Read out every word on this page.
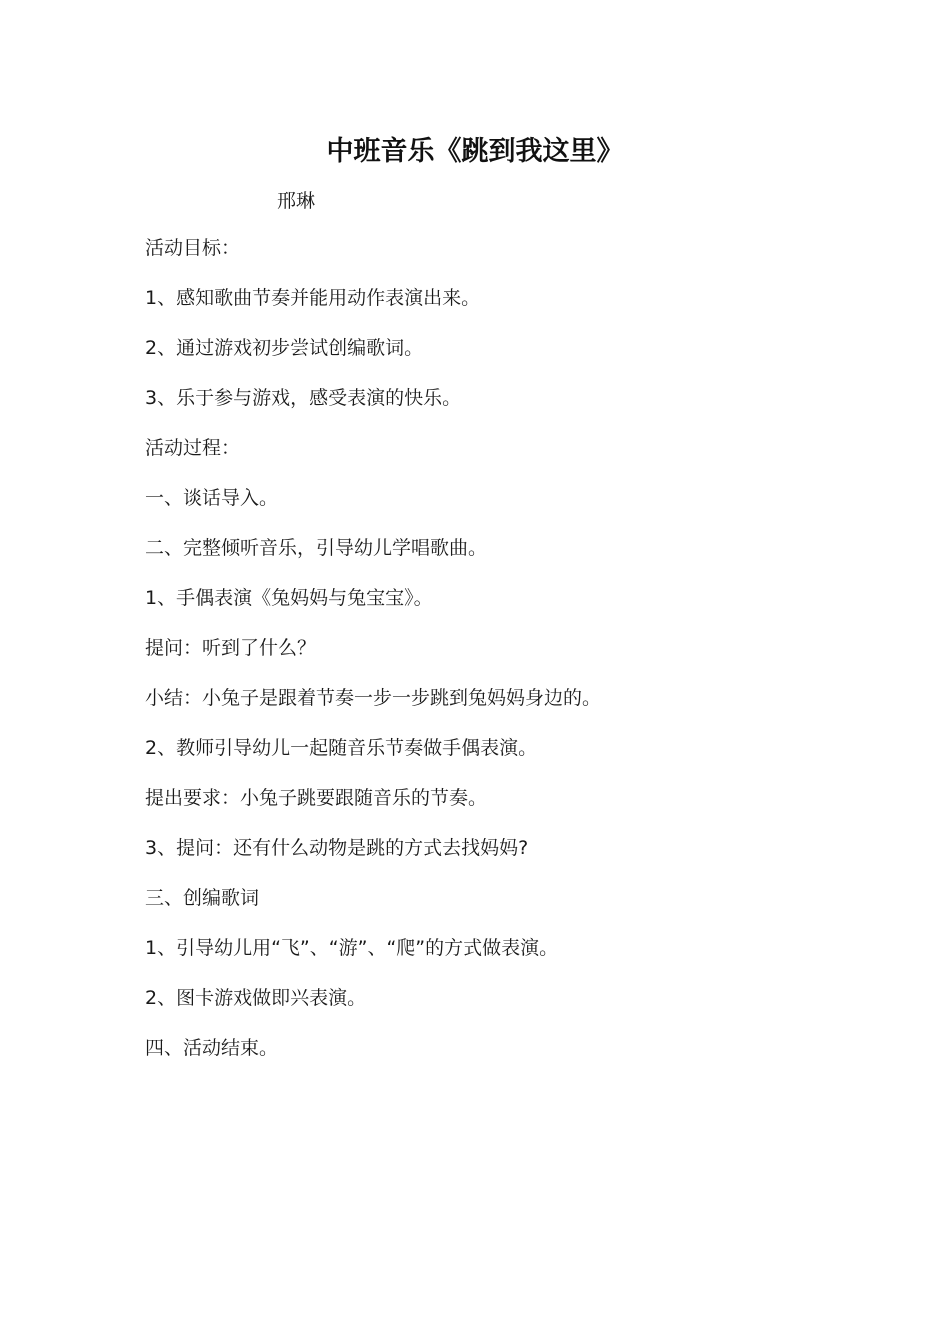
中班音乐《跳到我这里》
邢琳
活动目标：
1、感知歌曲节奏并能用动作表演出来。
2、通过游戏初步尝试创编歌词。
3、乐于参与游戏，感受表演的快乐。
活动过程：
一、谈话导入。
二、完整倾听音乐，引导幼儿学唱歌曲。
1、手偶表演《兔妈妈与兔宝宝》。
提问：听到了什么？
小结：小兔子是跟着节奏一步一步跳到兔妈妈身边的。
2、教师引导幼儿一起随音乐节奏做手偶表演。
提出要求：小兔子跳要跟随音乐的节奏。
3、提问：还有什么动物是跳的方式去找妈妈?
三、创编歌词
1、引导幼儿用“飞”、“游”、“爬”的方式做表演。
2、图卡游戏做即兴表演。
四、活动结束。
